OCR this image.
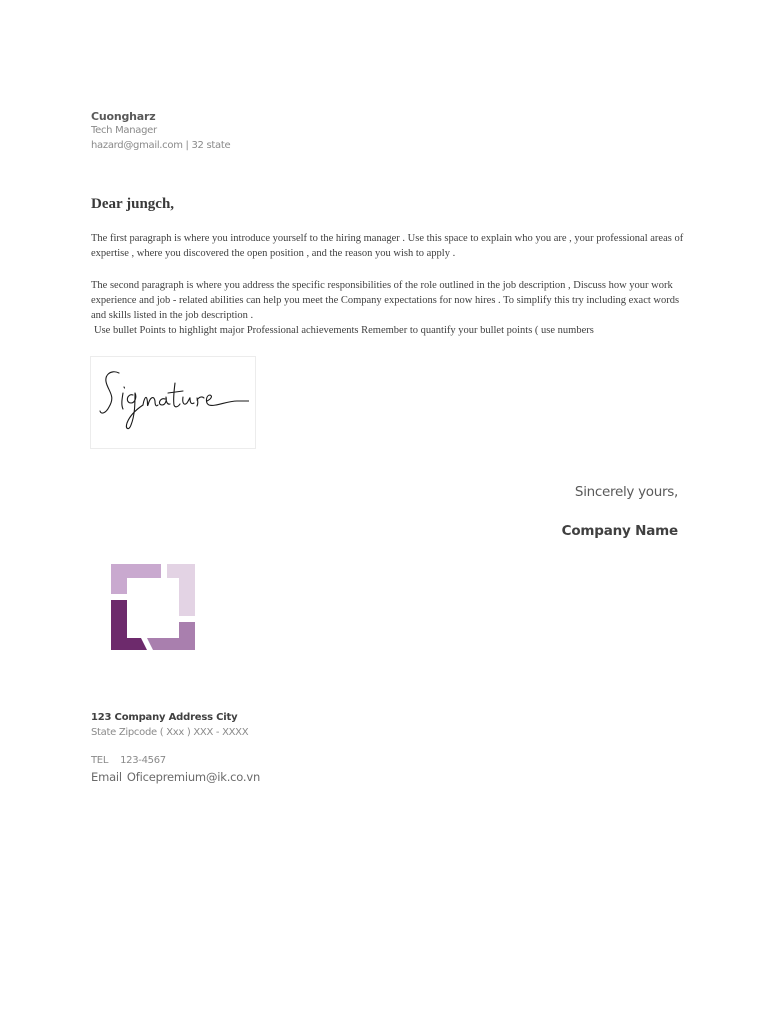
Cuongharz
Tech Manager
hazard@gmail.com | 32 state
Dear jungch,
The first paragraph is where you introduce yourself to the hiring manager . Use this space to explain who you are , your professional areas of expertise , where you discovered the open position , and the reason you wish to apply .
The second paragraph is where you address the specific responsibilities of the role outlined in the job description , Discuss how your work experience and job - related abilities can help you meet the Company expectations for now hires . To simplify this try including exact words and skills listed in the job description .
Use bullet Points to highlight major Professional achievements Remember to quantify your bullet points ( use numbers
Sincerely yours,
Company Name
123 Company Address City
State Zipcode ( Xxx ) XXX - XXXX
TEL 123-4567
Email Oficepremium@ik.co.vn
